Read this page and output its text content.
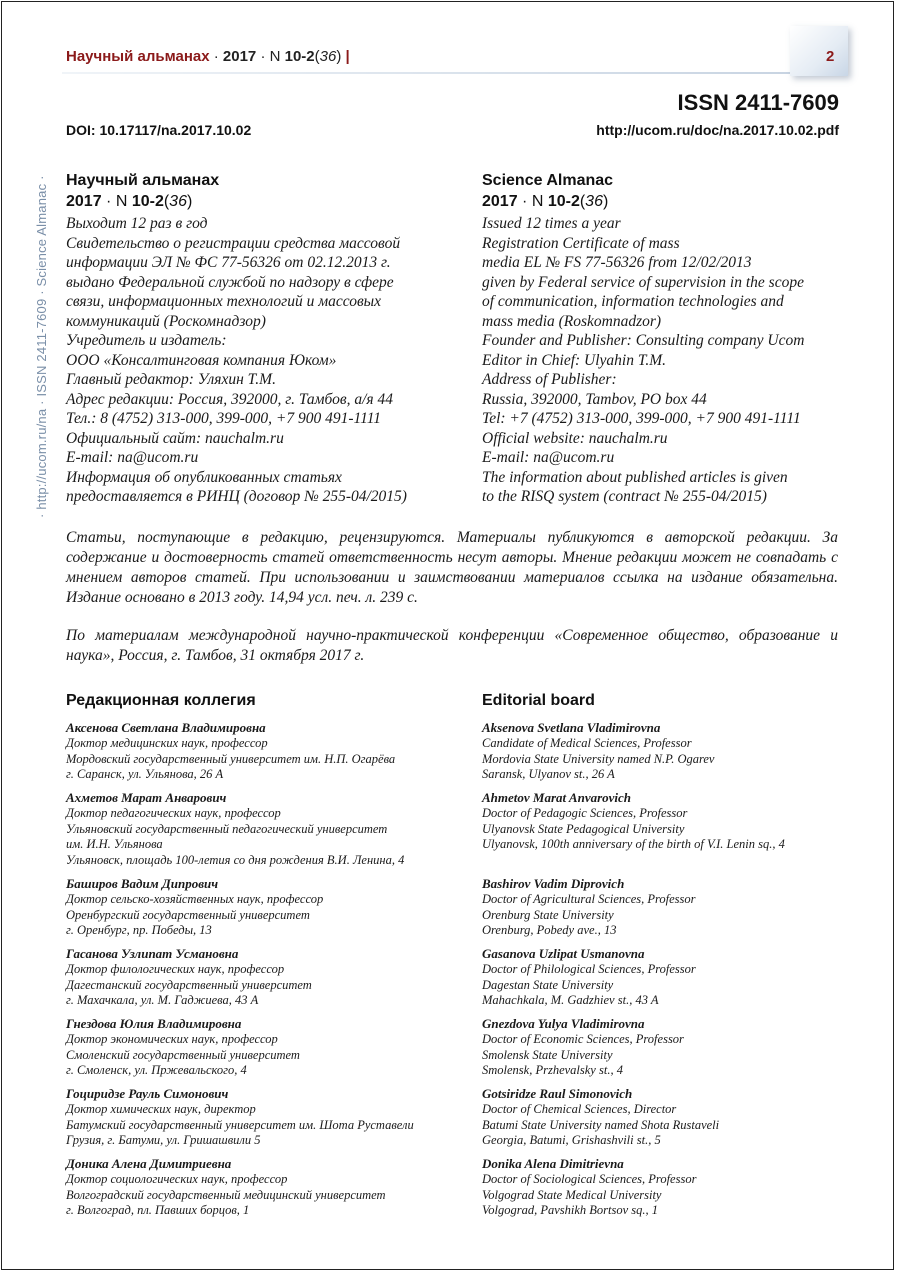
· http://ucom.ru/na · ISSN 2411-7609 · Science Almanac ·
Научный альманах · 2017 · N 10-2(36) |	2
ISSN 2411-7609
DOI: 10.17117/na.2017.10.02	http://ucom.ru/doc/na.2017.10.02.pdf
Научный альманах
2017 · N 10-2(36)
Выходит 12 раз в год
Свидетельство о регистрации средства массовой
информации ЭЛ № ФС 77-56326 от 02.12.2013 г.
выдано Федеральной службой по надзору в сфере
связи, информационных технологий и массовых
коммуникаций (Роскомнадзор)
Учредитель и издатель:
ООО «Консалтинговая компания Юком»
Главный редактор: Уляхин Т.М.
Адрес редакции: Россия, 392000, г. Тамбов, а/я 44
Тел.: 8 (4752) 313-000, 399-000, +7 900 491-1111
Официальный сайт: nauchalm.ru
E-mail: na@ucom.ru
Информация об опубликованных статьях
предоставляется в РИНЦ (договор № 255-04/2015)
Science Almanac
2017 · N 10-2(36)
Issued 12 times a year
Registration Certificate of mass
media EL № FS 77-56326 from 12/02/2013
given by Federal service of supervision in the scope
of communication, information technologies and
mass media (Roskomnadzor)
Founder and Publisher: Consulting company Ucom
Editor in Chief: Ulyahin T.M.
Address of Publisher:
Russia, 392000, Tambov, PO box 44
Tel: +7 (4752) 313-000, 399-000, +7 900 491-1111
Official website: nauchalm.ru
E-mail: na@ucom.ru
The information about published articles is given
to the RISQ system (contract № 255-04/2015)
Статьи, поступающие в редакцию, рецензируются. Материалы публикуются в авторской редакции. За содержание и достоверность статей ответственность несут авторы. Мнение редакции может не совпадать с мнением авторов статей. При использовании и заимствовании материалов ссылка на издание обязательна. Издание основано в 2013 году. 14,94 усл. печ. л. 239 с.
По материалам международной научно-практической конференции «Современное общество, образование и наука», Россия, г. Тамбов, 31 октября 2017 г.
Редакционная коллегия	Editorial board
Аксенова Светлана Владимировна
Доктор медицинских наук, профессор
Мордовский государственный университет им. Н.П. Огарёва
г. Саранск, ул. Ульянова, 26 А
Ахметов Марат Анварович
Доктор педагогических наук, профессор
Ульяновский государственный педагогический университет
им. И.Н. Ульянова
Ульяновск, площадь 100-летия со дня рождения В.И. Ленина, 4
Баширов Вадим Дипрович
Доктор сельско-хозяйственных наук, профессор
Оренбургский государственный университет
г. Оренбург, пр. Победы, 13
Гасанова Узлипат Усмановна
Доктор филологических наук, профессор
Дагестанский государственный университет
г. Махачкала, ул. М. Гаджиева, 43 А
Гнездова Юлия Владимировна
Доктор экономических наук, профессор
Смоленский государственный университет
г. Смоленск, ул. Пржевальского, 4
Гоциридзе Рауль Симонович
Доктор химических наук, директор
Батумский государственный университет им. Шота Руставели
Грузия, г. Батуми, ул. Гришашвили 5
Доника Алена Димитриевна
Доктор социологических наук, профессор
Волгоградский государственный медицинский университет
г. Волгоград, пл. Павших борцов, 1
Aksenova Svetlana Vladimirovna
Candidate of Medical Sciences, Professor
Mordovia State University named N.P. Ogarev
Saransk, Ulyanov st., 26 A
Ahmetov Marat Anvarovich
Doctor of Pedagogic Sciences, Professor
Ulyanovsk State Pedagogical University
Ulyanovsk, 100th anniversary of the birth of V.I. Lenin sq., 4
Bashirov Vadim Diprovich
Doctor of Agricultural Sciences, Professor
Orenburg State University
Orenburg, Pobedy ave., 13
Gasanova Uzlipat Usmanovna
Doctor of Philological Sciences, Professor
Dagestan State University
Mahachkala, M. Gadzhiev st., 43 A
Gnezdova Yulya Vladimirovna
Doctor of Economic Sciences, Professor
Smolensk State University
Smolensk, Przhevalsky st., 4
Gotsiridze Raul Simonovich
Doctor of Chemical Sciences, Director
Batumi State University named Shota Rustaveli
Georgia, Batumi, Grishashvili st., 5
Donika Alena Dimitrievna
Doctor of Sociological Sciences, Professor
Volgograd State Medical University
Volgograd, Pavshikh Bortsov sq., 1
